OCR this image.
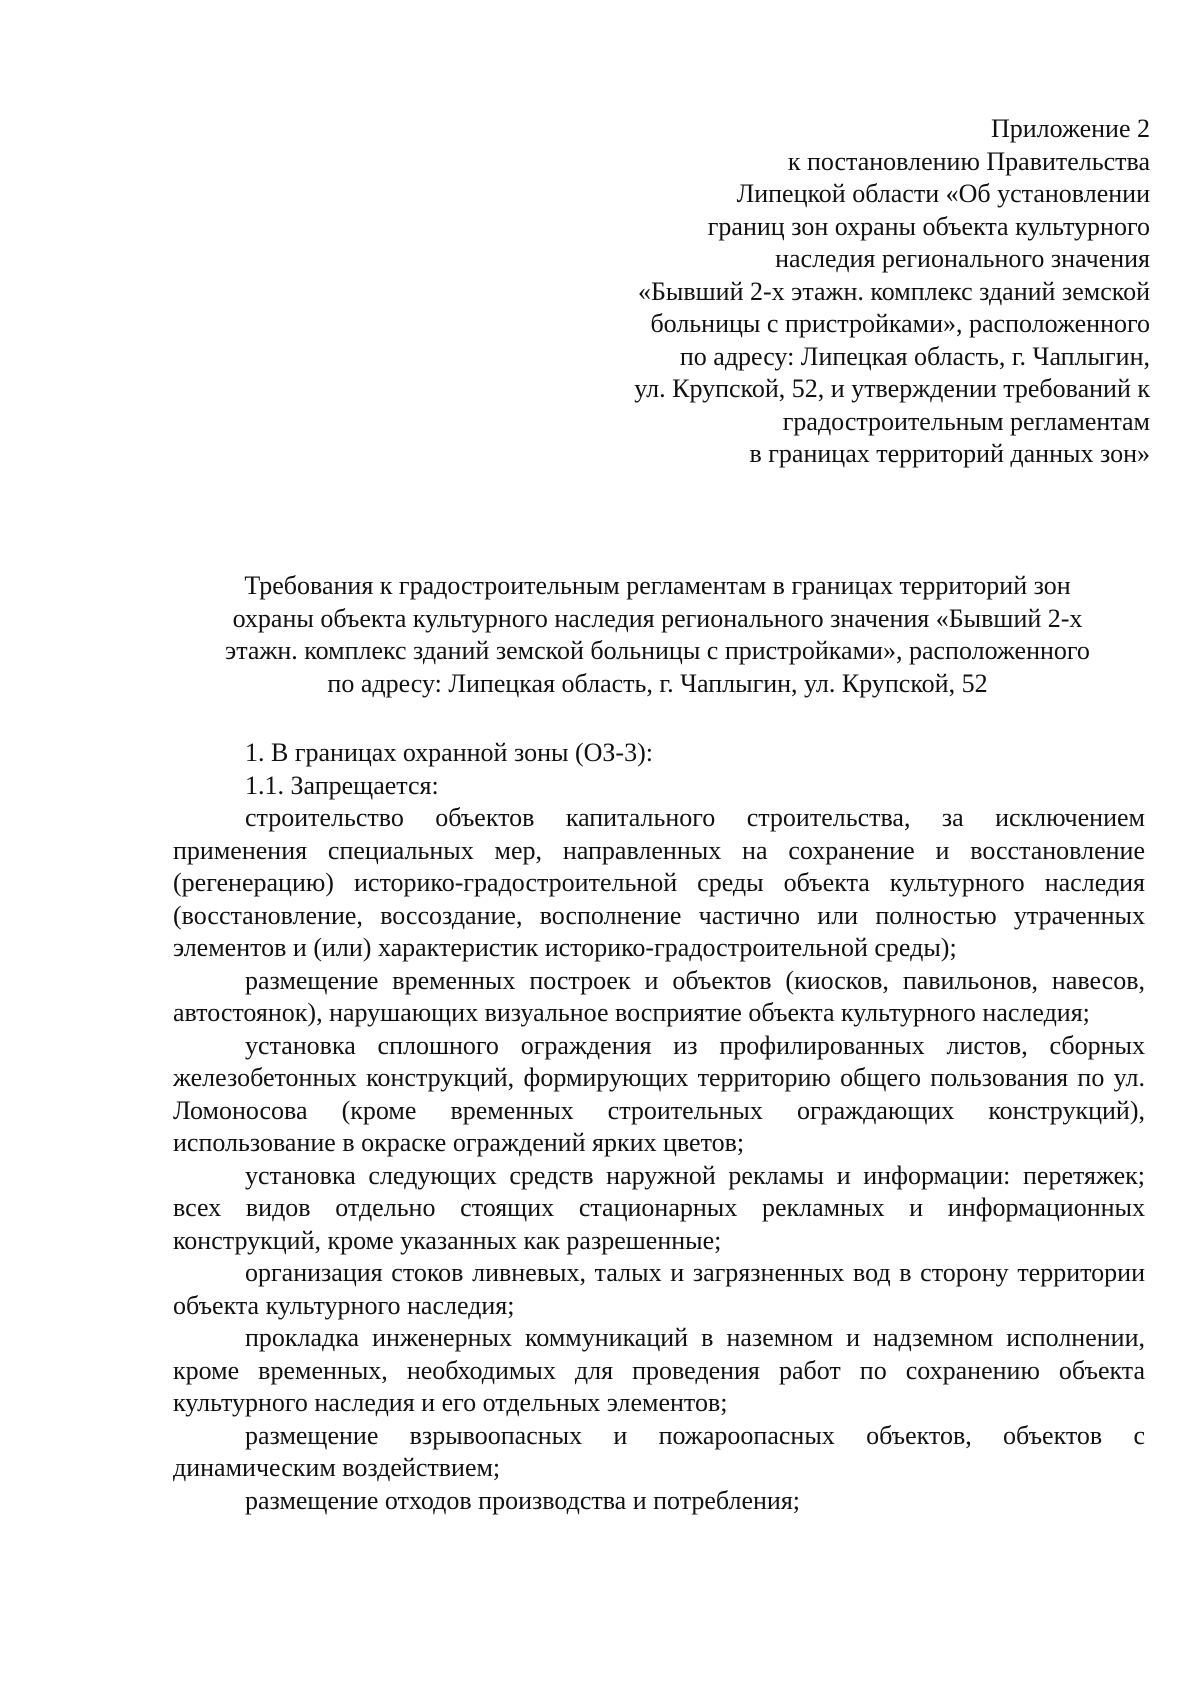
Приложение 2
к постановлению Правительства
Липецкой области «Об установлении
границ зон охраны объекта культурного
наследия регионального значения
«Бывший 2-х этажн. комплекс зданий земской
больницы с пристройками», расположенного
по адресу: Липецкая область, г. Чаплыгин,
ул. Крупской, 52, и утверждении требований к
градостроительным регламентам
в границах территорий данных зон»
Требования к градостроительным регламентам в границах территорий зон
охраны объекта культурного наследия регионального значения «Бывший 2-х
этажн. комплекс зданий земской больницы с пристройками», расположенного
по адресу: Липецкая область, г. Чаплыгин, ул. Крупской, 52

1. В границах охранной зоны (ОЗ-3):

1.1. Запрещается:

строительство объектов капитального строительства, за исключением применения специальных мер, направленных на сохранение и восстановление (регенерацию) историко-градостроительной среды объекта культурного наследия (восстановление, воссоздание, восполнение частично или полностью утраченных элементов и (или) характеристик историко-градостроительной среды);

размещение временных построек и объектов (киосков, павильонов, навесов, автостоянок), нарушающих визуальное восприятие объекта культурного наследия;

установка сплошного ограждения из профилированных листов, сборных железобетонных конструкций, формирующих территорию общего пользования по ул. Ломоносова (кроме временных строительных ограждающих конструкций), использование в окраске ограждений ярких цветов;

установка следующих средств наружной рекламы и информации: перетяжек; всех видов отдельно стоящих стационарных рекламных и информационных конструкций, кроме указанных как разрешенные;

организация стоков ливневых, талых и загрязненных вод в сторону территории объекта культурного наследия;

прокладка инженерных коммуникаций в наземном и надземном исполнении, кроме временных, необходимых для проведения работ по сохранению объекта культурного наследия и его отдельных элементов;

размещение взрывоопасных и пожароопасных объектов, объектов с динамическим воздействием;

размещение отходов производства и потребления;
